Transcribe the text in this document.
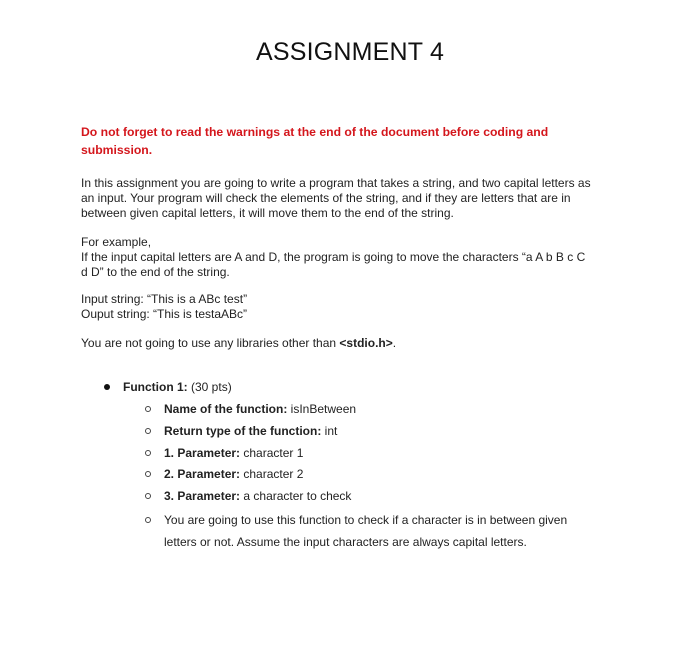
ASSIGNMENT 4
Do not forget to read the warnings at the end of the document before coding and
submission.
In this assignment you are going to write a program that takes a string, and two capital letters as
an input. Your program will check the elements of the string, and if they are letters that are in
between given capital letters, it will move them to the end of the string.
For example,
If the input capital letters are A and D, the program is going to move the characters “a A b B c C
d D” to the end of the string.
Input string: “This is a ABc test”
Ouput string: “This is testaABc”
You are not going to use any libraries other than <stdio.h>.
Function 1: (30 pts)
Name of the function: isInBetween
Return type of the function: int
1. Parameter: character 1
2. Parameter: character 2
3. Parameter: a character to check
You are going to use this function to check if a character is in between given
letters or not. Assume the input characters are always capital letters.
